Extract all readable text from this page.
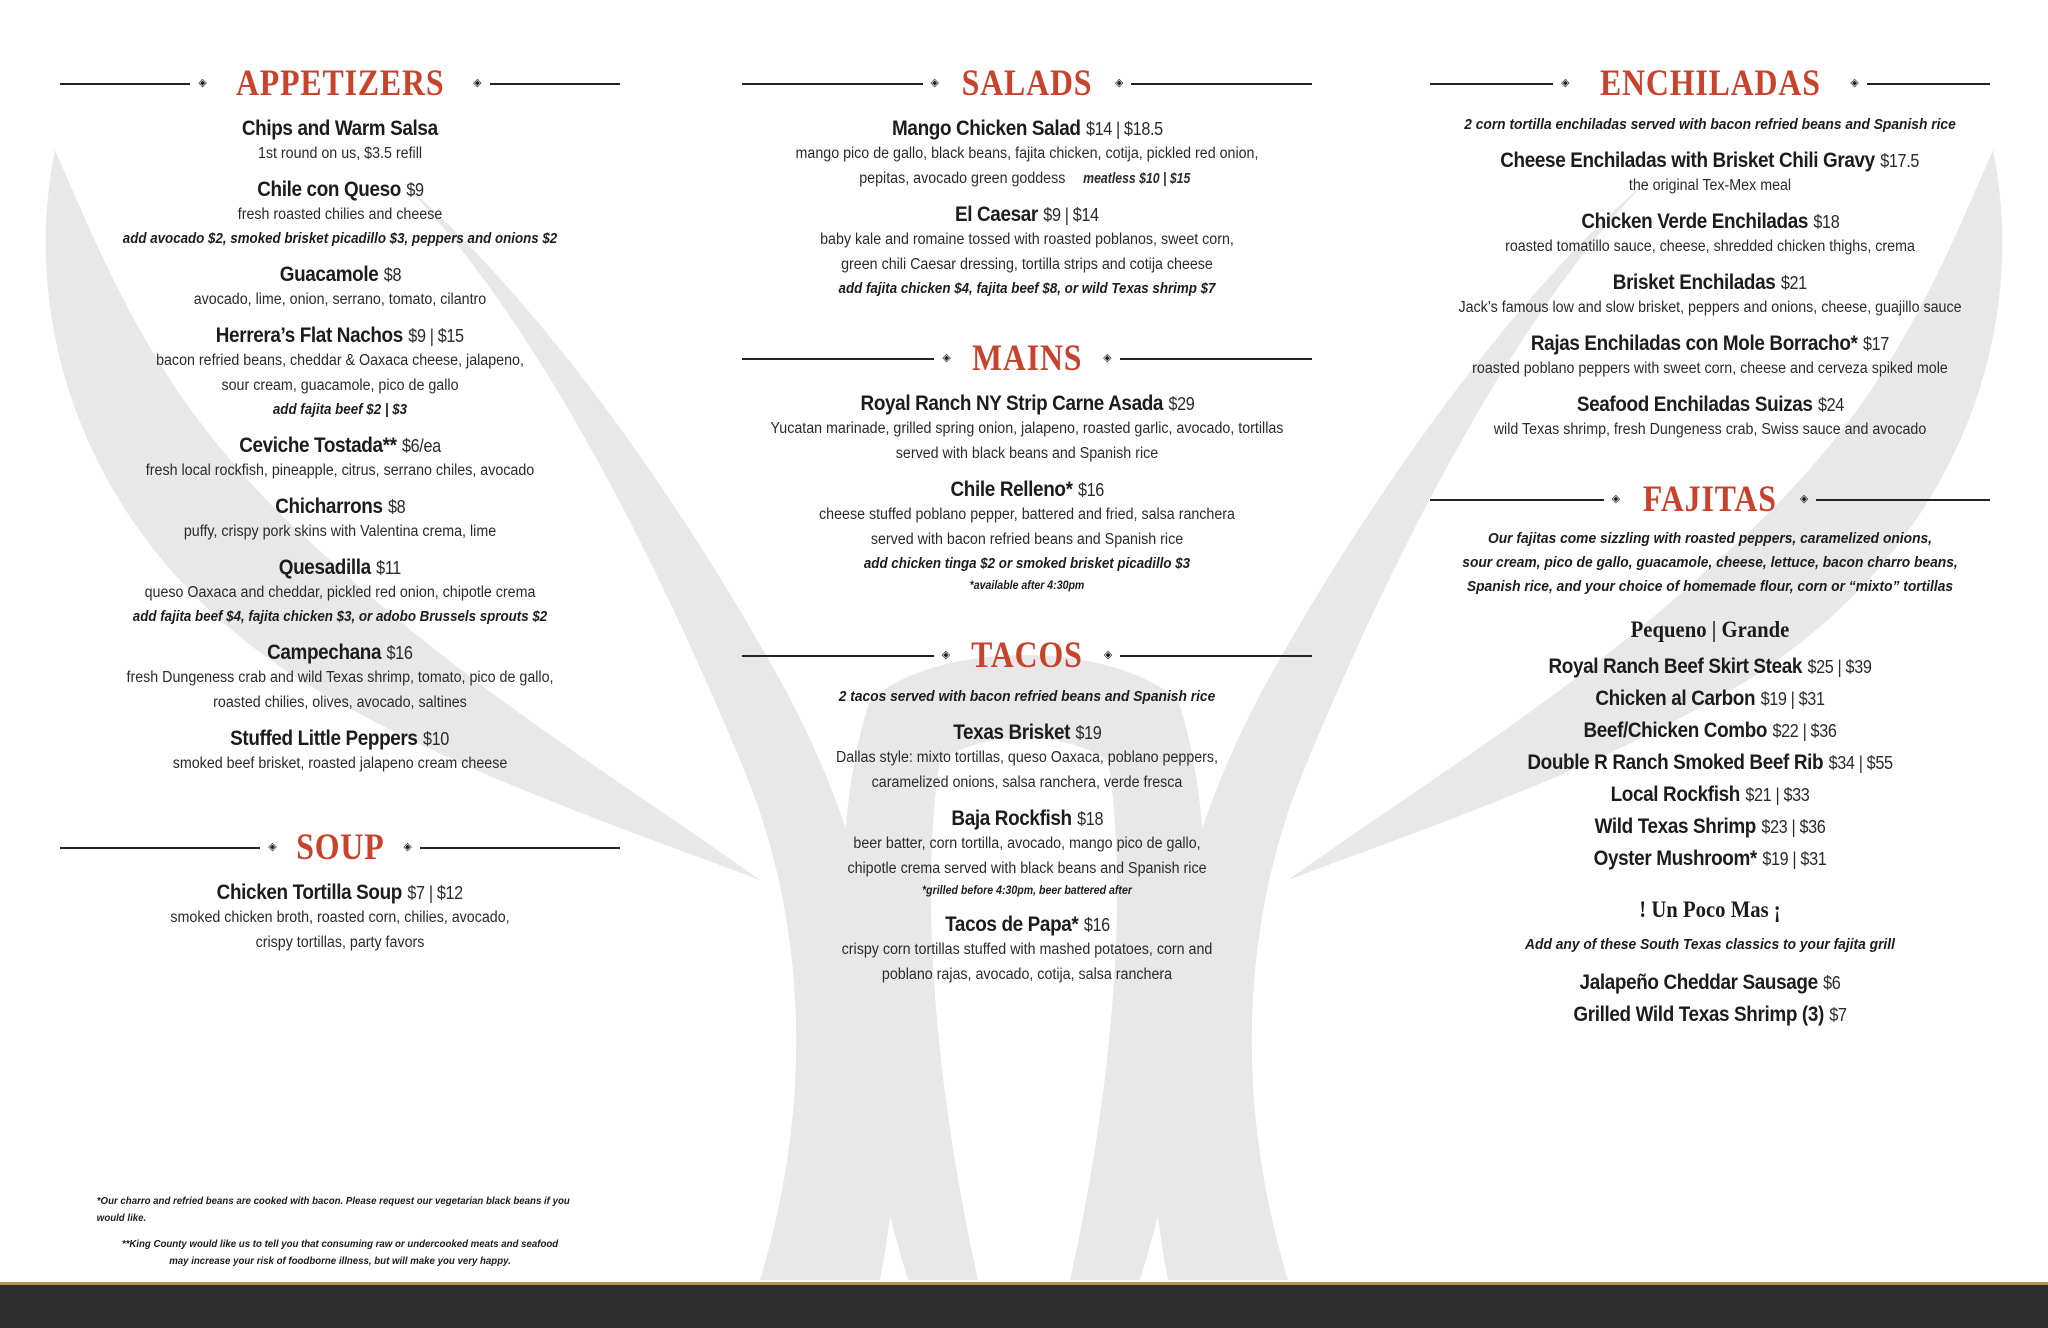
◈ APPETIZERS	◈
Chips and Warm Salsa
1st round on us, $3.5 refill
Chile con Queso $9
fresh roasted chilies and cheese
add avocado $2, smoked brisket picadillo $3, peppers and onions $2
Guacamole $8
avocado, lime, onion, serrano, tomato, cilantro
Herrera’s Flat Nachos $9 | $15
bacon refried beans, cheddar & Oaxaca cheese, jalapeno,
sour cream, guacamole, pico de gallo
add fajita beef $2 | $3
Ceviche Tostada** $6/ea
fresh local rockfish, pineapple, citrus, serrano chiles, avocado
Chicharrons $8
puffy, crispy pork skins with Valentina crema, lime
Quesadilla $11
queso Oaxaca and cheddar, pickled red onion, chipotle crema
add fajita beef $4, fajita chicken $3, or adobo Brussels sprouts $2
Campechana $16
fresh Dungeness crab and wild Texas shrimp, tomato, pico de gallo,
roasted chilies, olives, avocado, saltines
Stuffed Little Peppers $10
smoked beef brisket, roasted jalapeno cream cheese
◈ SOUP ◈
Chicken Tortilla Soup $7 | $12
smoked chicken broth, roasted corn, chilies, avocado,
crispy tortillas, party favors
◈ SALADS ◈
Mango Chicken Salad $14 | $18.5
mango pico de gallo, black beans, fajita chicken, cotija, pickled red onion,
pepitas, avocado green goddess meatless $10 | $15
El Caesar $9 | $14
baby kale and romaine tossed with roasted poblanos, sweet corn,
green chili Caesar dressing, tortilla strips and cotija cheese
add fajita chicken $4, fajita beef $8, or wild Texas shrimp $7
◈ MAINS ◈
Royal Ranch NY Strip Carne Asada $29
Yucatan marinade, grilled spring onion, jalapeno, roasted garlic, avocado, tortillas
served with black beans and Spanish rice
Chile Relleno* $16
cheese stuffed poblano pepper, battered and fried, salsa ranchera
served with bacon refried beans and Spanish rice
add chicken tinga $2 or smoked brisket picadillo $3
*available after 4:30pm
◈ TACOS ◈
2 tacos served with bacon refried beans and Spanish rice
Texas Brisket $19
Dallas style: mixto tortillas, queso Oaxaca, poblano peppers,
caramelized onions, salsa ranchera, verde fresca
Baja Rockfish $18
beer batter, corn tortilla, avocado, mango pico de gallo,
chipotle crema served with black beans and Spanish rice
*grilled before 4:30pm, beer battered after
Tacos de Papa* $16
crispy corn tortillas stuffed with mashed potatoes, corn and
poblano rajas, avocado, cotija, salsa ranchera
◈ ENCHILADAS	◈
2 corn tortilla enchiladas served with bacon refried beans and Spanish rice
Cheese Enchiladas with Brisket Chili Gravy $17.5
the original Tex-Mex meal
Chicken Verde Enchiladas $18
roasted tomatillo sauce, cheese, shredded chicken thighs, crema
Brisket Enchiladas $21
Jack’s famous low and slow brisket, peppers and onions, cheese, guajillo sauce
Rajas Enchiladas con Mole Borracho* $17
roasted poblano peppers with sweet corn, cheese and cerveza spiked mole
Seafood Enchiladas Suizas $24
wild Texas shrimp, fresh Dungeness crab, Swiss sauce and avocado
◈ FAJITAS ◈
Our fajitas come sizzling with roasted peppers, caramelized onions,
sour cream, pico de gallo, guacamole, cheese, lettuce, bacon charro beans,
Spanish rice, and your choice of homemade flour, corn or “mixto” tortillas
Pequeno | Grande
Royal Ranch Beef Skirt Steak $25 | $39
Chicken al Carbon $19 | $31
Beef/Chicken Combo $22 | $36
Double R Ranch Smoked Beef Rib $34 | $55
Local Rockfish $21 | $33
Wild Texas Shrimp $23 | $36
Oyster Mushroom* $19 | $31
! Un Poco Mas ¡
Add any of these South Texas classics to your fajita grill
Jalapeño Cheddar Sausage $6
Grilled Wild Texas Shrimp (3) $7
*Our charro and refried beans are cooked with bacon. Please request our vegetarian black beans if you would like.
**King County would like us to tell you that consuming raw or undercooked meats and seafood
may increase your risk of foodborne illness, but will make you very happy.
